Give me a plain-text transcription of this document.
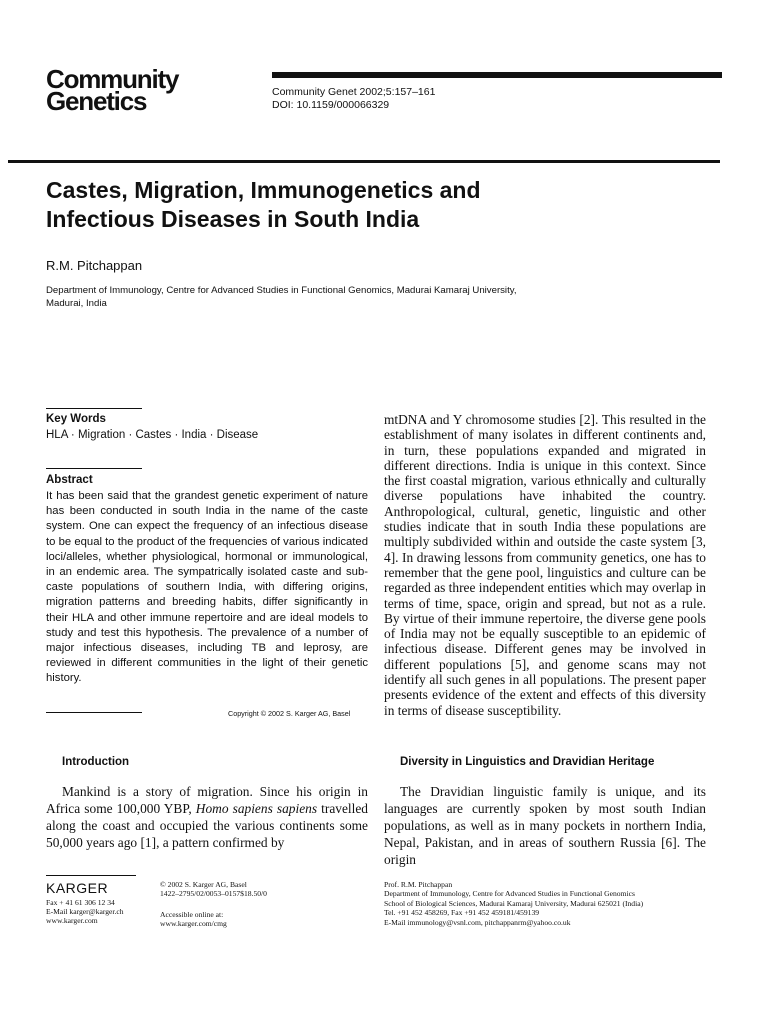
Community
Genetics	Community Genet 2002;5:157–161
DOI: 10.1159/000066329
Castes, Migration, Immunogenetics and
Infectious Diseases in South India
R.M. Pitchappan
Department of Immunology, Centre for Advanced Studies in Functional Genomics, Madurai Kamaraj University,
Madurai, India
Key Words
HLA · Migration · Castes · India · Disease
Abstract
It has been said that the grandest genetic experiment of nature has been conducted in south India in the name of the caste system. One can expect the frequency of an infectious disease to be equal to the product of the frequencies of various indicated loci/alleles, whether physiological, hormonal or immunological, in an endemic area. The sympatrically isolated caste and sub-caste populations of southern India, with differing origins, migration patterns and breeding habits, differ significantly in their HLA and other immune repertoire and are ideal models to study and test this hypothesis. The prevalence of a number of major infectious diseases, including TB and leprosy, are reviewed in different communities in the light of their genetic history.
Copyright © 2002 S. Karger AG, Basel
Introduction
Mankind is a story of migration. Since his origin in Africa some 100,000 YBP, Homo sapiens sapiens travelled along the coast and occupied the various continents some 50,000 years ago [1], a pattern confirmed by
mtDNA and Y chromosome studies [2]. This resulted in the establishment of many isolates in different continents and, in turn, these populations expanded and migrated in different directions. India is unique in this context. Since the first coastal migration, various ethnically and culturally diverse populations have inhabited the country. Anthropological, cultural, genetic, linguistic and other studies indicate that in south India these populations are multiply subdivided within and outside the caste system [3, 4]. In drawing lessons from community genetics, one has to remember that the gene pool, linguistics and culture can be regarded as three independent entities which may overlap in terms of time, space, origin and spread, but not as a rule. By virtue of their immune repertoire, the diverse gene pools of India may not be equally susceptible to an epidemic of infectious disease. Different genes may be involved in different populations [5], and genome scans may not identify all such genes in all populations. The present paper presents evidence of the extent and effects of this diversity in terms of disease susceptibility.
Diversity in Linguistics and Dravidian Heritage
The Dravidian linguistic family is unique, and its languages are currently spoken by most south Indian populations, as well as in many pockets in northern India, Nepal, Pakistan, and in areas of southern Russia [6]. The origin
KARGER
Fax + 41 61 306 12 34
E-Mail karger@karger.ch
www.karger.com
© 2002 S. Karger AG, Basel
1422–2795/02/0053–0157$18.50/0
Accessible online at:
www.karger.com/cmg
Prof. R.M. Pitchappan
Department of Immunology, Centre for Advanced Studies in Functional Genomics
School of Biological Sciences, Madurai Kamaraj University, Madurai 625021 (India)
Tel. +91 452 458269, Fax +91 452 459181/459139
E-Mail immunology@vsnl.com, pitchappanrm@yahoo.co.uk
